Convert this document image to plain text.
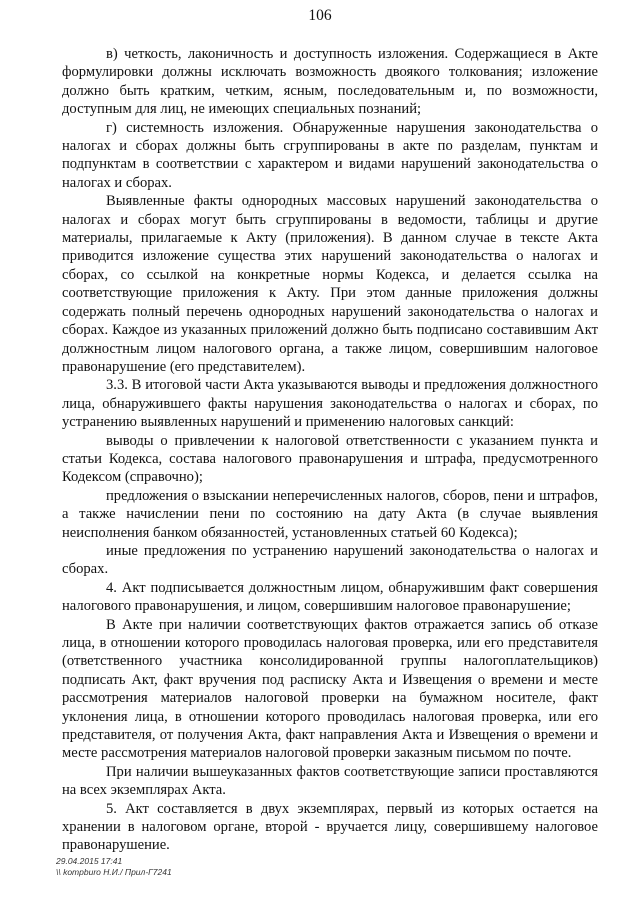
106

в) четкость, лаконичность и доступность изложения. Содержащиеся в Акте формулировки должны исключать возможность двоякого толкования; изложение должно быть кратким, четким, ясным, последовательным и, по возможности, доступным для лиц, не имеющих специальных познаний;

г) системность изложения. Обнаруженные нарушения законодательства о налогах и сборах должны быть сгруппированы в акте по разделам, пунктам и подпунктам в соответствии с характером и видами нарушений законодательства о налогах и сборах.

Выявленные факты однородных массовых нарушений законодательства о налогах и сборах могут быть сгруппированы в ведомости, таблицы и другие материалы, прилагаемые к Акту (приложения). В данном случае в тексте Акта приводится изложение существа этих нарушений законодательства о налогах и сборах, со ссылкой на конкретные нормы Кодекса, и делается ссылка на соответствующие приложения к Акту. При этом данные приложения должны содержать полный перечень однородных нарушений законодательства о налогах и сборах. Каждое из указанных приложений должно быть подписано составившим Акт должностным лицом налогового органа, а также лицом, совершившим налоговое правонарушение (его представителем).

3.3. В итоговой части Акта указываются выводы и предложения должностного лица, обнаружившего факты нарушения законодательства о налогах и сборах, по устранению выявленных нарушений и применению налоговых санкций:

выводы о привлечении к налоговой ответственности с указанием пункта и статьи Кодекса, состава налогового правонарушения и штрафа, предусмотренного Кодексом (справочно);

предложения о взыскании неперечисленных налогов, сборов, пени и штрафов, а также начислении пени по состоянию на дату Акта (в случае выявления неисполнения банком обязанностей, установленных статьей 60 Кодекса);

иные предложения по устранению нарушений законодательства о налогах и сборах.

4. Акт подписывается должностным лицом, обнаружившим факт совершения налогового правонарушения, и лицом, совершившим налоговое правонарушение;

В Акте при наличии соответствующих фактов отражается запись об отказе лица, в отношении которого проводилась налоговая проверка, или его представителя (ответственного участника консолидированной группы налогоплательщиков) подписать Акт, факт вручения под расписку Акта и Извещения о времени и месте рассмотрения материалов налоговой проверки на бумажном носителе, факт уклонения лица, в отношении которого проводилась налоговая проверка, или его представителя, от получения Акта, факт направления Акта и Извещения о времени и месте рассмотрения материалов налоговой проверки заказным письмом по почте.

При наличии вышеуказанных фактов соответствующие записи проставляются на всех экземплярах Акта.

5. Акт составляется в двух экземплярах, первый из которых остается на хранении в налоговом органе, второй - вручается лицу, совершившему налоговое правонарушение.

29.04.2015 17:41
\\ kompburo Н.И./ Прил-Г7241
